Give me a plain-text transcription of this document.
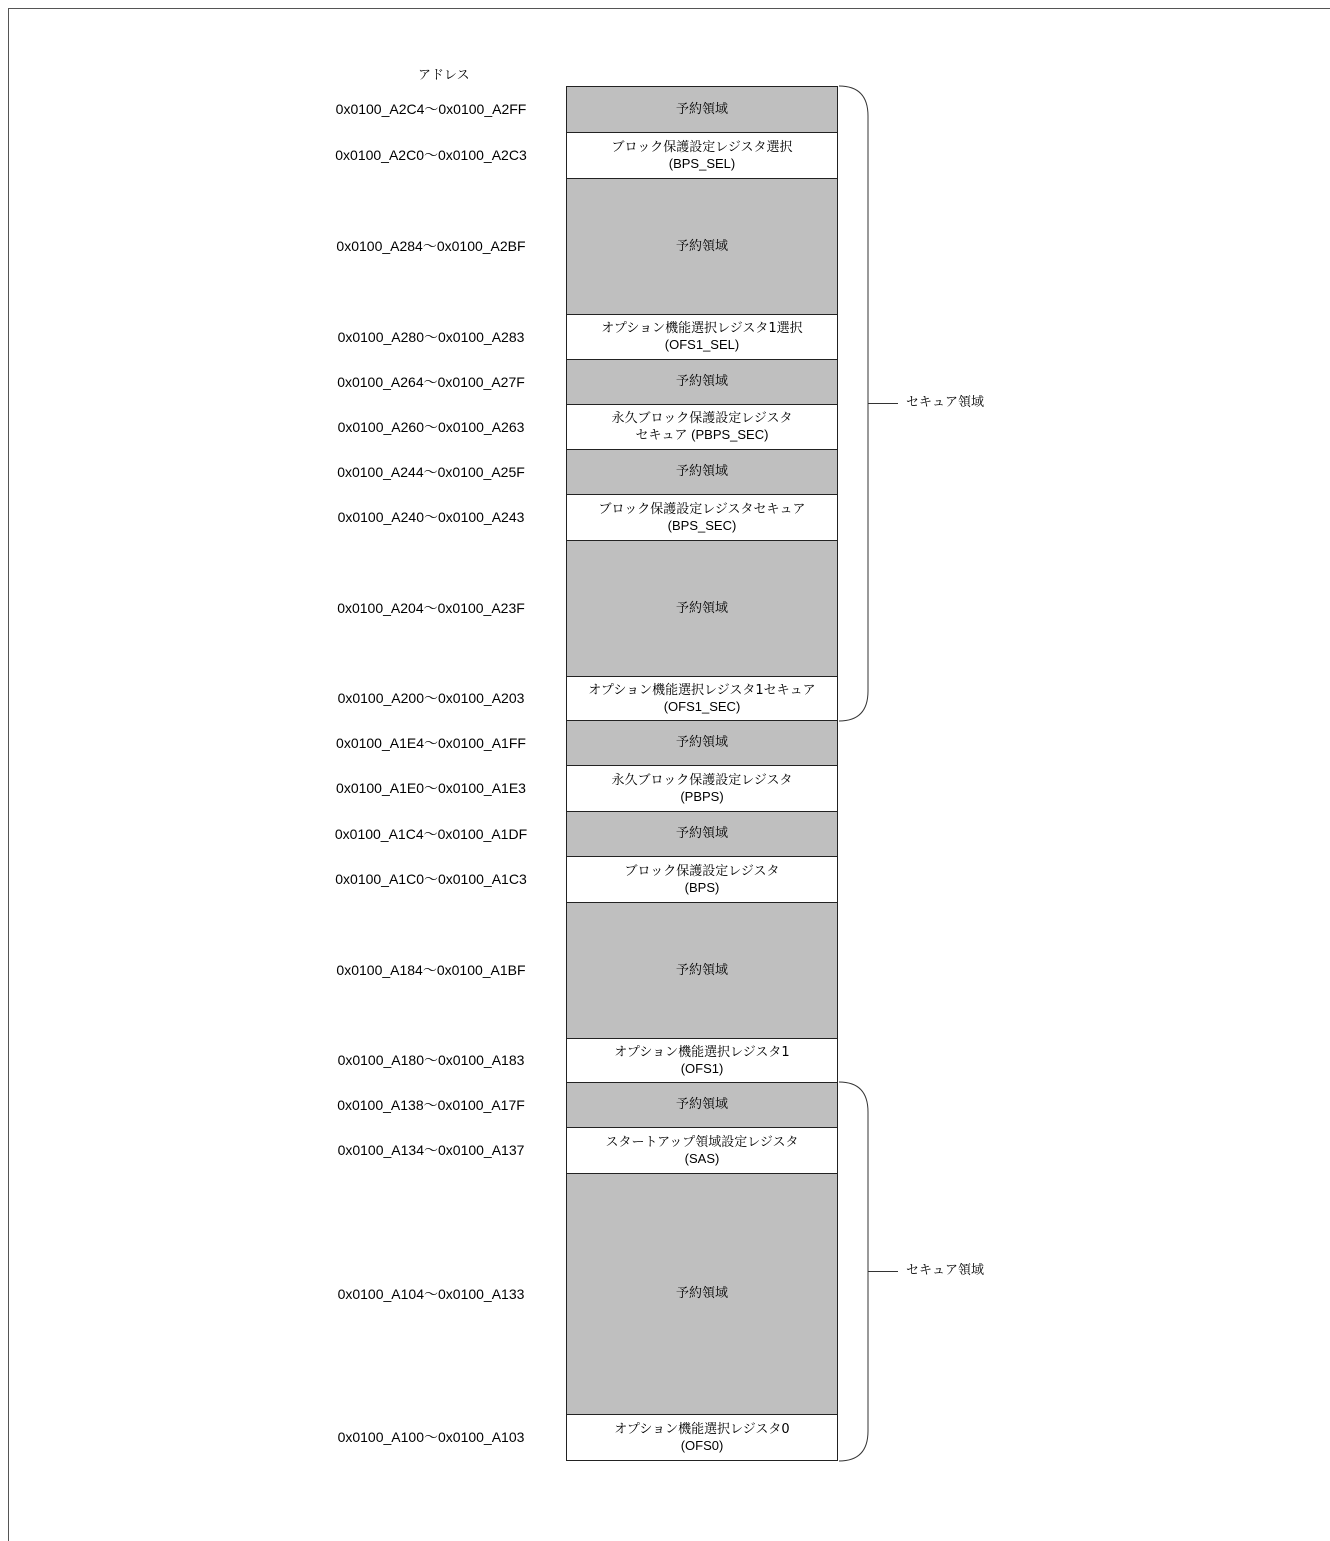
アドレス
0x0100_A2C4～0x0100_A2FF	予約領域
0x0100_A2C0～0x0100_A2C3	ブロック保護設定レジスタ選択
(BPS_SEL)
0x0100_A284～0x0100_A2BF	予約領域
0x0100_A280～0x0100_A283	オプション機能選択レジスタ1選択
(OFS1_SEL)
0x0100_A264～0x0100_A27F	予約領域
0x0100_A260～0x0100_A263	永久ブロック保護設定レジスタ
セキュア (PBPS_SEC)
0x0100_A244～0x0100_A25F	予約領域
0x0100_A240～0x0100_A243	ブロック保護設定レジスタセキュア
(BPS_SEC)
0x0100_A204～0x0100_A23F	予約領域
0x0100_A200～0x0100_A203	オプション機能選択レジスタ1セキュア
(OFS1_SEC)
0x0100_A1E4～0x0100_A1FF	予約領域
0x0100_A1E0～0x0100_A1E3	永久ブロック保護設定レジスタ
(PBPS)
0x0100_A1C4～0x0100_A1DF	予約領域
0x0100_A1C0～0x0100_A1C3	ブロック保護設定レジスタ
(BPS)
0x0100_A184～0x0100_A1BF	予約領域
0x0100_A180～0x0100_A183	オプション機能選択レジスタ1
(OFS1)
0x0100_A138～0x0100_A17F	予約領域
0x0100_A134～0x0100_A137	スタートアップ領域設定レジスタ
(SAS)
0x0100_A104～0x0100_A133	予約領域
0x0100_A100～0x0100_A103	オプション機能選択レジスタ0
(OFS0)
セキュア領域
セキュア領域
